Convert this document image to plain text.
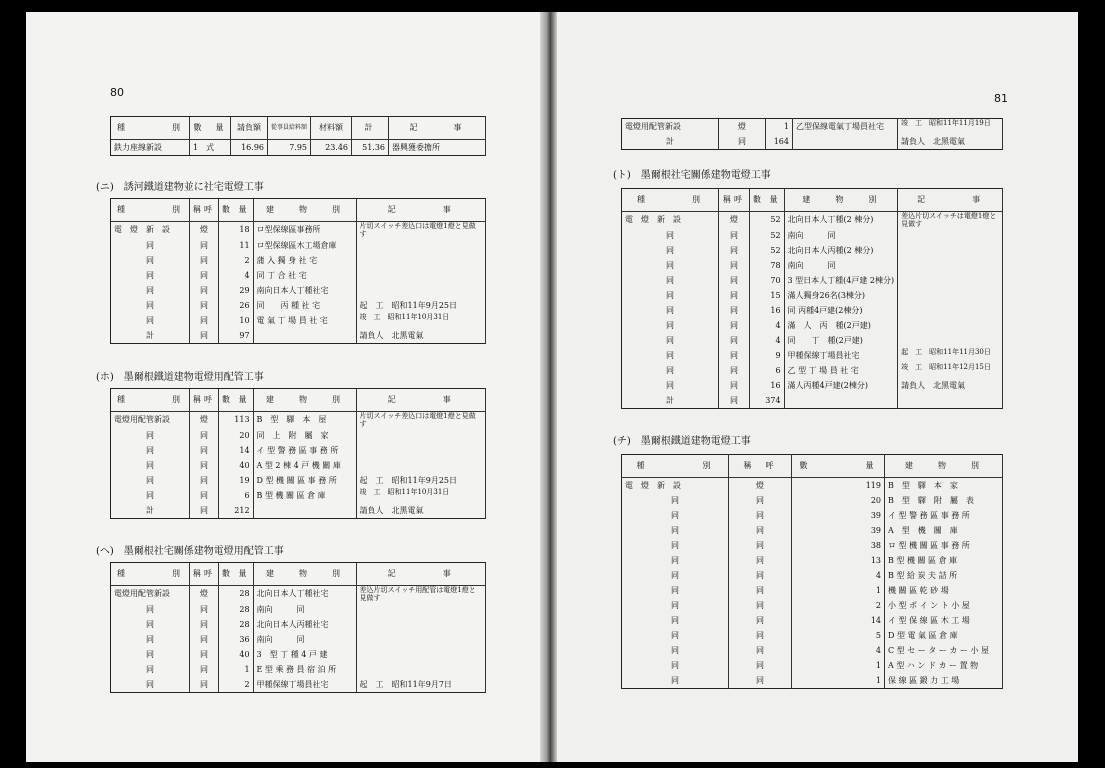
80
種　　　　別	數　量	請負額	從事員給料額	材料額	計	記　　　事
鉄力座線新設	1　式	16.96	7.95	23.46	51.36	器興獲委擔所
(ニ)　誘河鐵道建物並に社宅電燈工事
種　　　　別	稱呼	數 量	建　　物　　別	記　　　　事
電　燈　新　設	燈	18	ロ型保線區事務所	片切スイッチ差込口は電燈1燈と見做す
同	同	11	ロ型保線區木工場倉庫	
同	同	2	蒲 入 獨 身 社 宅	
同	同	4	同 丁 合 社 宅	
同	同	29	南向日本人丁種社宅	
同	同	26	同　　丙 種 社 宅	起　工　昭和11年9月25日
同	同	10	電 氣 丁 場 員 社 宅	竣　工　昭和11年10月31日
計	同	97		請負人　北黑電氣
(ホ)　墨爾根鐵道建物電燈用配管工事
種　　　　別	稱呼	數 量	建　　物　　別	記　　　　事
電燈用配管新設	燈	113	B　型　驛　本　屋	片切スイッチ差込口は電燈1燈と見做す
同	同	20	同　上　附　屬　家	
同	同	14	イ 型 警 務 區 事 務 所	
同	同	40	A 型 2 棟 4 戸 機 關 庫	
同	同	19	D 型 機 關 區 事 務 所	起　工　昭和11年9月25日
同	同	6	B 型 機 關 區 倉 庫	竣　工　昭和11年10月31日
計	同	212		請負人　北黑電氣
(ヘ)　墨爾根社宅關係建物電燈用配管工事
種　　　　別	稱呼	數 量	建　　物　　別	記　　　　事
電燈用配管新設	燈	28	北向日本人丁種社宅	差込片切スイッチ用配管は電燈1燈と見做す
同	同	28	南向　　　同	
同	同	28	北向日本人丙種社宅	
同	同	36	南向　　　同	
同	同	40	3　型 丁 種 4 戸 建	
同	同	1	E 型 乘 務 員 宿 泊 所	
同	同	2	甲種保線丁場員社宅	起　工　昭和11年9月7日
81
電燈用配管新設	燈	1	乙型保線電氣丁場員社宅	竣　工　昭和11年11月19日
計	同	164		請負人　北黑電氣
(ト)　墨爾根社宅關係建物電燈工事
種　　　　別	稱呼	數 量	建　　物　　別	記　　　　事
電　燈　新　設	燈	52	北向日本人丁種(2 棟分)	差込片切スイッチは電燈1燈と見做す
同	同	52	南向　　　同	
同	同	52	北向日本人丙種(2 棟分)	
同	同	78	南向　　　同	
同	同	70	3 型日本人丁種(4戸建 2棟分)	
同	同	15	滿人獨身26名(3棟分)	
同	同	16	同 丙種4戸建(2棟分)	
同	同	4	滿　人　丙　種(2戸建)	
同	同	4	同　　丁　種(2戸建)	
同	同	9	甲種保線丁場員社宅	起　工　昭和11年11月30日
同	同	6	乙 型 丁 場 員 社 宅	竣　工　昭和11年12月15日
同	同	16	滿人丙種4戸建(2棟分)	請負人　北黑電氣
計	同	374		
(チ)　墨爾根鐵道建物電燈工事
種　　　　　別	稱　呼	數　　　　　量	建　　物　　別
電　燈　新　設	燈	119	B　型　驛　本　家
同	同	20	B　型　驛　附　屬　表
同	同	39	イ 型 警 務 區 事 務 所
同	同	39	A　型　機　關　庫
同	同	38	ロ 型 機 關 區 事 務 所
同	同	13	B 型 機 關 區 倉 庫
同	同	4	B 型 給 炭 夫 詰 所
同	同	1	機 關 區 乾 砂 場
同	同	2	小 型 ポ イ ン ト 小 屋
同	同	14	イ 型 保 線 區 木 工 場
同	同	5	D 型 電 氣 區 倉 庫
同	同	4	C 型 セ ー タ ー カ ー 小 屋
同	同	1	A 型 ハ ン ド カ ー 置 物
同	同	1	保 線 區 鍛 力 工 場
